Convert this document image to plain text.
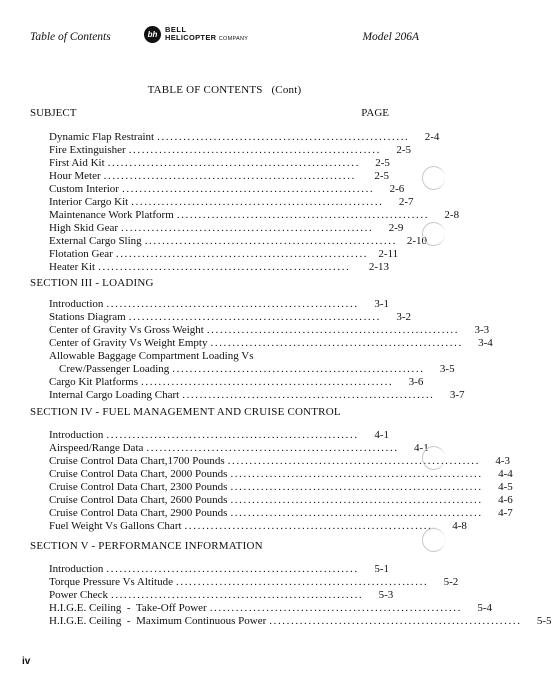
Table of Contents	bh
BELL
HELICOPTER COMPANY	Model 206A
TABLE OF CONTENTS   (Cont)
SUBJECT	PAGE
Dynamic Flap Restraint ..........................................................	2-4
Fire Extinguisher ..........................................................	2-5
First Aid Kit ..........................................................	2-5
Hour Meter ..........................................................	2-5
Custom Interior ..........................................................	2-6
Interior Cargo Kit ..........................................................	2-7
Maintenance Work Platform ..........................................................	2-8
High Skid Gear ..........................................................	2-9
External Cargo Sling .......................................................... 2-10
Flotation Gear .......................................................... 2-11
Heater Kit ..........................................................	2-13
SECTION III - LOADING
Introduction ..........................................................	3-1
Stations Diagram ..........................................................	3-2
Center of Gravity Vs Gross Weight ..........................................................	3-3
Center of Gravity Vs Weight Empty ..........................................................	3-4
Allowable Baggage Compartment Loading Vs
Crew/Passenger Loading ..........................................................	3-5
Cargo Kit Platforms ..........................................................	3-6
Internal Cargo Loading Chart ..........................................................	3-7
SECTION IV - FUEL MANAGEMENT AND CRUISE CONTROL
Introduction ..........................................................	4-1
Airspeed/Range Data ..........................................................	4-1
Cruise Control Data Chart,1700 Pounds ..........................................................	4-3
Cruise Control Data Chart, 2000 Pounds ..........................................................	4-4
Cruise Control Data Chart, 2300 Pounds ..........................................................	4-5
Cruise Control Data Chart, 2600 Pounds ..........................................................	4-6
Cruise Control Data Chart, 2900 Pounds ..........................................................	4-7
Fuel Weight Vs Gallons Chart ..........................................................	4-8
SECTION V - PERFORMANCE INFORMATION
Introduction ..........................................................	5-1
Torque Pressure Vs Altitude ..........................................................	5-2
Power Check ..........................................................	5-3
H.I.G.E. Ceiling  -  Take-Off Power ..........................................................	5-4
H.I.G.E. Ceiling  -  Maximum Continuous Power ..........................................................	5-5
iv
